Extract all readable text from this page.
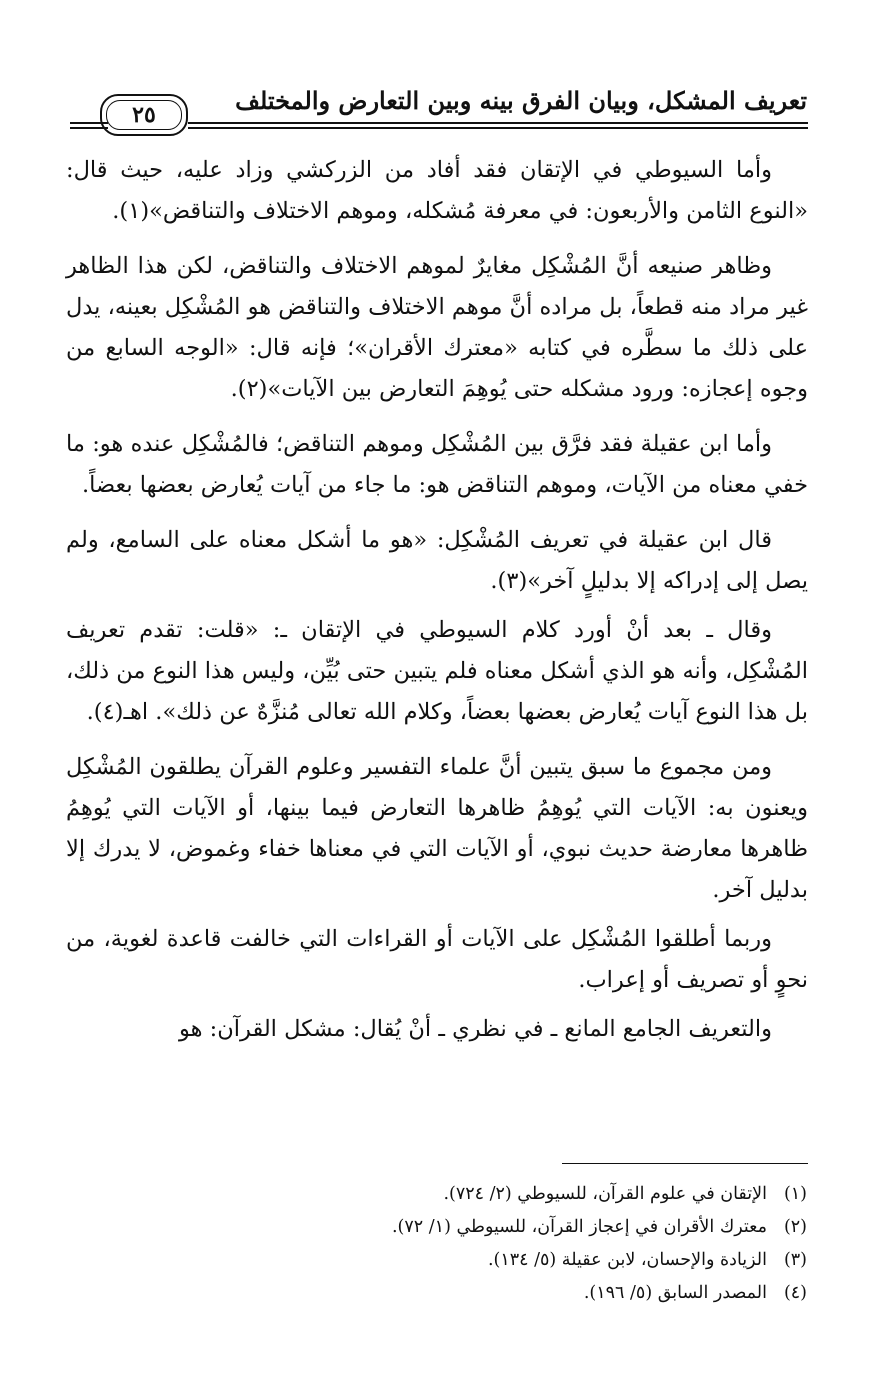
تعريف المشكل، وبيان الفرق بينه وبين التعارض والمختلف
٢٥

وأما السيوطي في الإتقان فقد أفاد من الزركشي وزاد عليه، حيث قال: «النوع الثامن والأربعون: في معرفة مُشكله، وموهم الاختلاف والتناقض»(١).

وظاهر صنيعه أنَّ المُشْكِل مغايرٌ لموهم الاختلاف والتناقض، لكن هذا الظاهر غير مراد منه قطعاً، بل مراده أنَّ موهم الاختلاف والتناقض هو المُشْكِل بعينه، يدل على ذلك ما سطَّره في كتابه «معترك الأقران»؛ فإنه قال: «الوجه السابع من وجوه إعجازه: ورود مشكله حتى يُوهِمَ التعارض بين الآيات»(٢).

وأما ابن عقيلة فقد فرَّق بين المُشْكِل وموهم التناقض؛ فالمُشْكِل عنده هو: ما خفي معناه من الآيات، وموهم التناقض هو: ما جاء من آيات يُعارض بعضها بعضاً.

قال ابن عقيلة في تعريف المُشْكِل: «هو ما أشكل معناه على السامع، ولم يصل إلى إدراكه إلا بدليلٍ آخر»(٣).

وقال ـ بعد أنْ أورد كلام السيوطي في الإتقان ـ: «قلت: تقدم تعريف المُشْكِل، وأنه هو الذي أشكل معناه فلم يتبين حتى بُيِّن، وليس هذا النوع من ذلك، بل هذا النوع آيات يُعارض بعضها بعضاً، وكلام الله تعالى مُنزَّهٌ عن ذلك». اهـ(٤).

ومن مجموع ما سبق يتبين أنَّ علماء التفسير وعلوم القرآن يطلقون المُشْكِل ويعنون به: الآيات التي يُوهِمُ ظاهرها التعارض فيما بينها، أو الآيات التي يُوهِمُ ظاهرها معارضة حديث نبوي، أو الآيات التي في معناها خفاء وغموض، لا يدرك إلا بدليل آخر.

وربما أطلقوا المُشْكِل على الآيات أو القراءات التي خالفت قاعدة لغوية، من نحوٍ أو تصريف أو إعراب.

والتعريف الجامع المانع ـ في نظري ـ أنْ يُقال: مشكل القرآن: هو

(١)الإتقان في علوم القرآن، للسيوطي (٢/ ٧٢٤).
(٢)معترك الأقران في إعجاز القرآن، للسيوطي (١/ ٧٢).
(٣)الزيادة والإحسان، لابن عقيلة (٥/ ١٣٤).
(٤)المصدر السابق (٥/ ١٩٦).
